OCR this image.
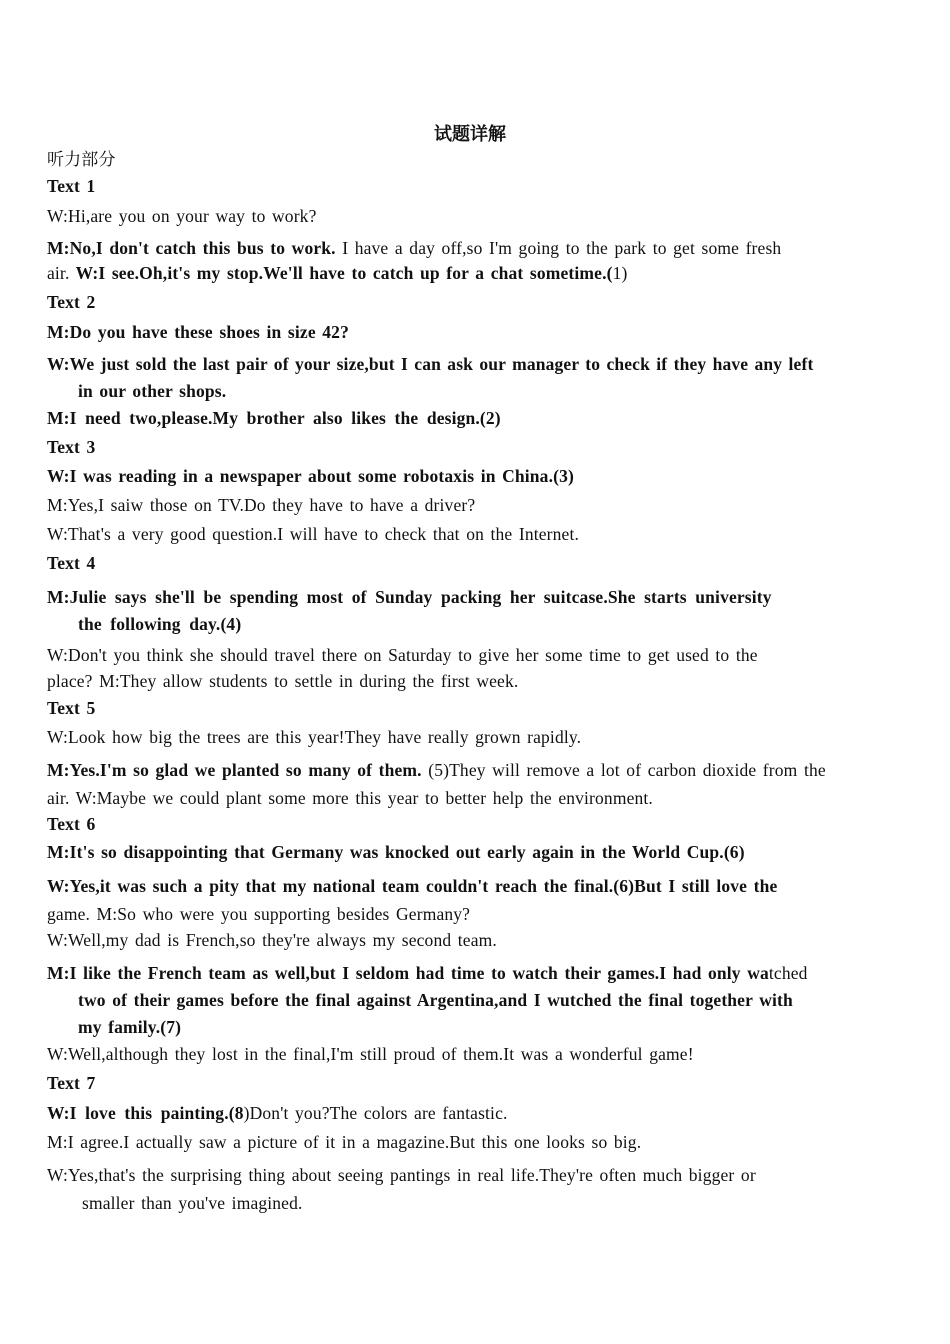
试题详解
听力部分
Text 1
W:Hi,are you on your way to work?
M:No,I don't catch this bus to work. I have a day off,so I'm going to the park to get some fresh
air. W:I see.Oh,it's my stop.We'll have to catch up for a chat sometime.(1)
Text 2
M:Do you have these shoes in size 42?
W:We just sold the last pair of your size,but I can ask our manager to check if they have any left
in our other shops.
M:I need two,please.My brother also likes the design.(2)
Text 3
W:I was reading in a newspaper about some robotaxis in China.(3)
M:Yes,I saiw those on TV.Do they have to have a driver?
W:That's a very good question.I will have to check that on the Internet.
Text 4
M:Julie says she'll be spending most of Sunday packing her suitcase.She starts university
the following day.(4)
W:Don't you think she should travel there on Saturday to give her some time to get used to the
place? M:They allow students to settle in during the first week.
Text 5
W:Look how big the trees are this year!They have really grown rapidly.
M:Yes.I'm so glad we planted so many of them. (5)They will remove a lot of carbon dioxide from the
air. W:Maybe we could plant some more this year to better help the environment.
Text 6
M:It's so disappointing that Germany was knocked out early again in the World Cup.(6)
W:Yes,it was such a pity that my national team couldn't reach the final.(6)But I still love the
game. M:So who were you supporting besides Germany?
W:Well,my dad is French,so they're always my second team.
M:I like the French team as well,but I seldom had time to watch their games.I had only watched
two of their games before the final against Argentina,and I wutched the final together with
my family.(7)
W:Well,although they lost in the final,I'm still proud of them.It was a wonderful game!
Text 7
W:I love this painting.(8)Don't you?The colors are fantastic.
M:I agree.I actually saw a picture of it in a magazine.But this one looks so big.
W:Yes,that's the surprising thing about seeing pantings in real life.They're often much bigger or
smaller than you've imagined.
